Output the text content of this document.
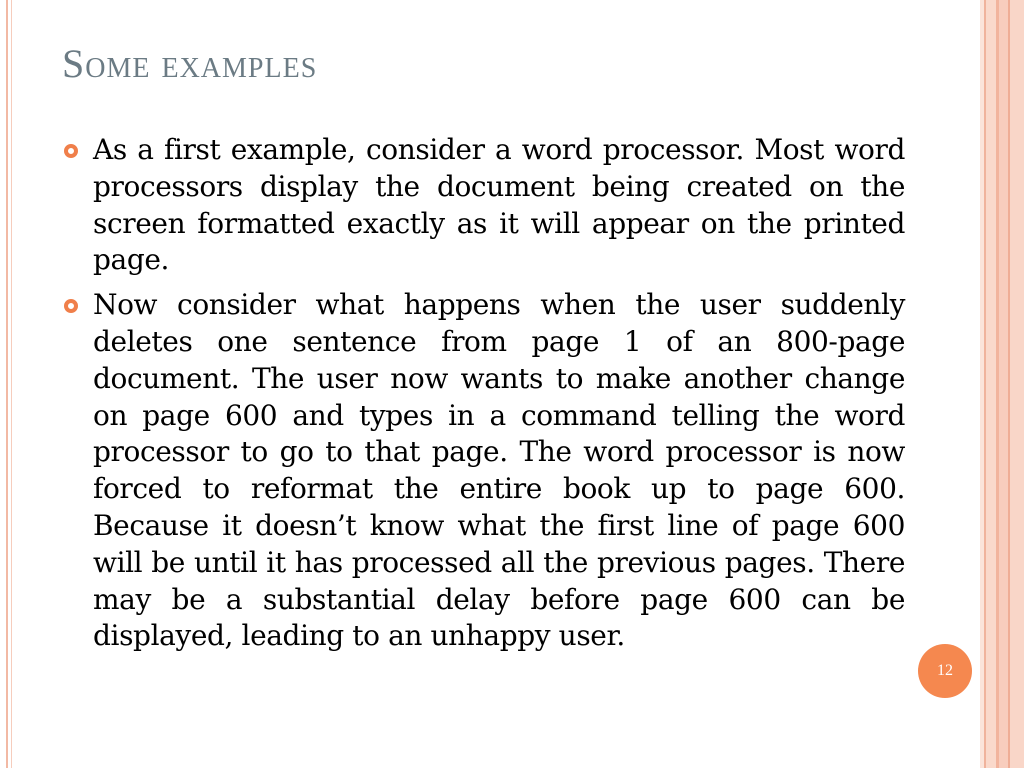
Some examples
As a first example, consider a word processor. Most word processors display the document being created on the screen formatted exactly as it will appear on the printed page.
Now consider what happens when the user suddenly deletes one sentence from page 1 of an 800-page document. The user now wants to make another change on page 600 and types in a command telling the word processor to go to that page. The word processor is now forced to reformat the entire book up to page 600. Because it doesn’t know what the first line of page 600 will be until it has processed all the previous pages. There may be a substantial delay before page 600 can be displayed, leading to an unhappy user.
12
